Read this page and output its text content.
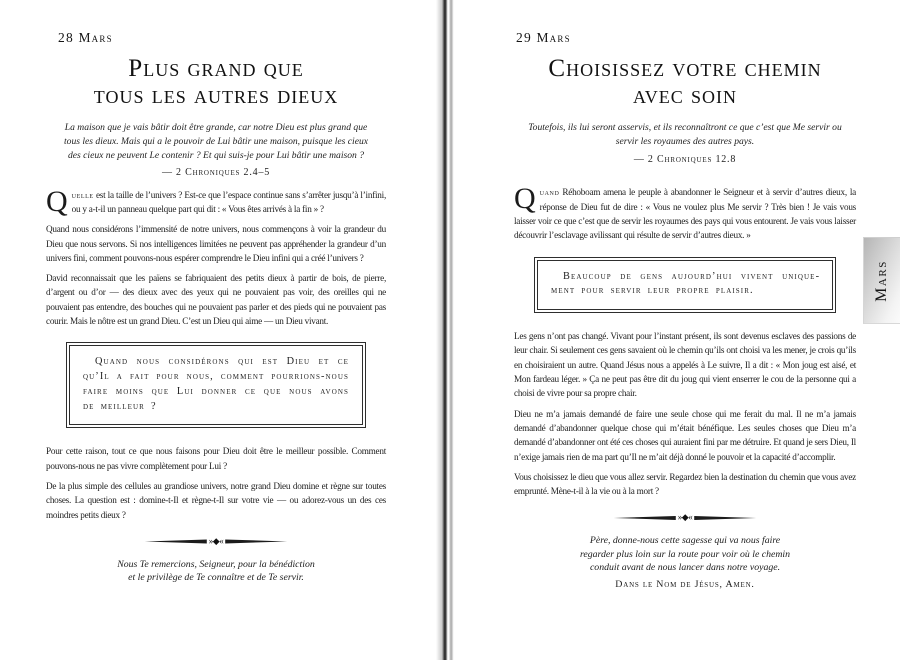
28 Mars
Plus grand que
tous les autres dieux
La maison que je vais bâtir doit être grande, car notre Dieu est plus grand que tous les dieux. Mais qui a le pouvoir de Lui bâtir une maison, puisque les cieux des cieux ne peuvent Le contenir ? Et qui suis-je pour Lui bâtir une maison ?
— 2 Chroniques 2.4–5

Quelle est la taille de l’univers ? Est-ce que l’espace continue sans s’arrêter jusqu’à l’infini, ou y a-t-il un panneau quelque part qui dit : « Vous êtes arrivés à la fin » ?

Quand nous considérons l’immensité de notre univers, nous commençons à voir la grandeur du Dieu que nous servons. Si nos intelligences limitées ne peuvent pas appréhender la grandeur d’un univers fini, comment pouvons-nous espérer comprendre le Dieu infini qui a créé l’univers ?

David reconnaissait que les païens se fabriquaient des petits dieux à partir de bois, de pierre, d’argent ou d’or — des dieux avec des yeux qui ne pouvaient pas voir, des oreilles qui ne pouvaient pas entendre, des bouches qui ne pouvaient pas parler et des pieds qui ne pouvaient pas courir. Mais le nôtre est un grand Dieu. C’est un Dieu qui aime — un Dieu vivant.

Quand nous considérons qui est Dieu et ce qu’Il a fait pour nous, comment pourrions-nous faire moins que Lui donner ce que nous avons de meilleur ?

Pour cette raison, tout ce que nous faisons pour Dieu doit être le meilleur possible. Comment pouvons-nous ne pas vivre complètement pour Lui ?

De la plus simple des cellules au grandiose univers, notre grand Dieu domine et règne sur toutes choses. La question est : domine-t-Il et règne-t-Il sur votre vie — ou adorez-vous un des ces moindres petits dieux ?

»◆«
Nous Te remercions, Seigneur, pour la bénédiction
et le privilège de Te connaître et de Te servir.
29 Mars
Choisissez votre chemin
avec soin
Toutefois, ils lui seront asservis, et ils reconnaîtront ce que c’est que Me servir ou servir les royaumes des autres pays.
— 2 Chroniques 12.8

Quand Réhoboam amena le peuple à abandonner le Seigneur et à servir d’autres dieux, la réponse de Dieu fut de dire : « Vous ne voulez plus Me servir ? Très bien ! Je vais vous laisser voir ce que c’est que de servir les royaumes des pays qui vous entourent. Je vais vous laisser découvrir l’esclavage avilissant qui résulte de servir d’autres dieux. »

Beaucoup de gens aujourd’hui vivent uniquement pour servir leur propre plaisir.

Les gens n’ont pas changé. Vivant pour l’instant présent, ils sont devenus esclaves des passions de leur chair. Si seulement ces gens savaient où le chemin qu’ils ont choisi va les mener, je crois qu’ils en choisiraient un autre. Quand Jésus nous a appelés à Le suivre, Il a dit : « Mon joug est aisé, et Mon fardeau léger. » Ça ne peut pas être dit du joug qui vient enserrer le cou de la personne qui a choisi de vivre pour sa propre chair.

Dieu ne m’a jamais demandé de faire une seule chose qui me ferait du mal. Il ne m’a jamais demandé d’abandonner quelque chose qui m’était bénéfique. Les seules choses que Dieu m’a demandé d’abandonner ont été ces choses qui auraient fini par me détruire. Et quand je sers Dieu, Il n’exige jamais rien de ma part qu’Il ne m’ait déjà donné le pouvoir et la capacité d’accomplir.

Vous choisissez le dieu que vous allez servir. Regardez bien la destination du chemin que vous avez emprunté. Mène-t-il à la vie ou à la mort ?

»◆«
Père, donne-nous cette sagesse qui va nous faire
regarder plus loin sur la route pour voir où le chemin
conduit avant de nous lancer dans notre voyage.
Dans le Nom de Jésus, Amen.
Mars
